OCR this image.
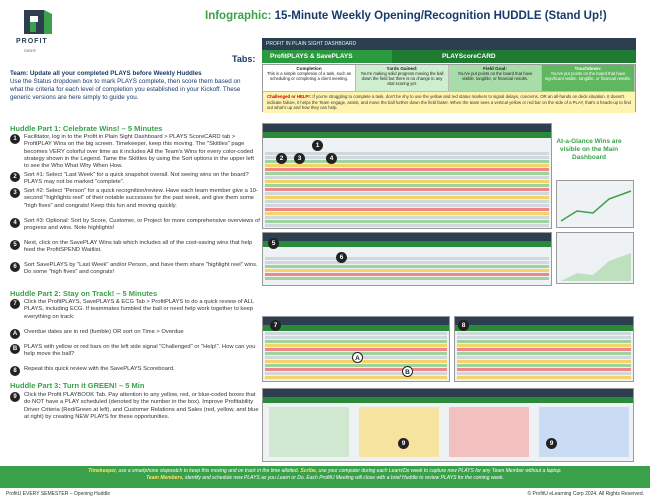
PROFIT
SIGHT
Infographic: 15-Minute Weekly Opening/Recognition HUDDLE (Stand Up!)
Tabs:
PROFIT IN PLAIN SIGHT DASHBOARD
ProfitPLAYS & SavePLAYS	PLAYScoreCARD
Completion
This is a simple completion of a task, such as scheduling or completing a client meeting.
Yards Gained:
You're making solid progress moving the ball down the field but there is no change in any vital scoring yet.
Field Goal:
You've put points on the board that have visible, tangible, or financial results.
Touchdown:
You've put points on the board that have significant visible, tangible, or financial results.
Challenged or HELP!: If you're struggling to complete a task, don't be shy to use the yellow and red status markers to signal delays, concerns, OR an all-hands on deck situation. It doesn't indicate failure, it helps the Team engage, assist, and move the ball further down the field faster. When the team sees a vertical yellow or red bar on the side of a PLAY, that's a heads-up to find out what's up and how they can help.
Team: Update all your completed PLAYS before Weekly Huddles
Use the Status dropdown box to mark PLAYS complete, then score them based on what the criteria for each level of completion you established in your Kickoff. These generic versions are here simply to guide you.
Huddle Part 1: Celebrate Wins! – 5 Minutes
1	Facilitator, log in to the Profit in Plain Sight Dashboard > PLAYS ScoreCARD tab > ProfitPLAY Wins on the big screen. Timekeeper, keep this moving. The "Skittles" page becomes VERY colorful over time as it includes All the Team's Wins for every color-coded strategy shown in the Legend. Tame the Skittles by using the Sort options in the upper left to see the Who What Why When How.
2	Sort #1: Select "Last Week" for a quick snapshot overall. Not seeing wins on the board? PLAYS may not be marked "complete".
3	Sort #2: Select "Person" for a quick recognition/review. Have each team member give a 10-second "highlights reel" of their notable successes for the past week, and give them some "high fives" and congrats! Keep this fun and moving quickly.
4	Sort #3: Optional: Sort by Score, Customer, or Project for more comprehensive overviews of progress and wins. Note highlights!
5	Next, click on the SavePLAY Wins tab which includes all of the cost-saving wins that help feed the ProfitSPEND Waitlist.
6	Sort SavePLAYS by "Last Week" and/or Person, and have them share "highlight reel" wins. Do some "high fives" and congrats!
Huddle Part 2: Stay on Track! – 5 Minutes
7	Click the ProfitPLAYS, SavePLAYS & ECG Tab > ProfitPLAYS to do a quick review of ALL PLAYS, including ECG. If teammates fumbled the ball or need help work together to keep everything on track:
A	Overdue dates are in red (fumble) OR sort on Time > Overdue
B	PLAYS with yellow or red bars on the left side signal "Challenged" or "Help!". How can you help move the ball?
8	Repeat this quick review with the SavePLAYS Scoreboard.
Huddle Part 3: Turn it GREEN! – 5 Min
9	Click the Profit PLAYBOOK Tab. Pay attention to any yellow, red, or blue-coded boxes that do NOT have a PLAY scheduled (denoted by the number in the box). Improve Profitability Driver Criteria (Red/Green at left), and Customer Relations and Sales (red, yellow, and blue at right) by creating NEW PLAYS for these opportunities.
1
2	3	4
At-a-Glance Wins are visible on the Main Dashboard
5
6
7
A
B
8
9	9
Timekeeper, use a smartphone stopwatch to keep this moving and on track in the time allotted. Scribe, use your computer during each Learn/Do week to capture new PLAYS for any Team Member without a laptop.
Team Members, identify and schedule new PLAYS as you Learn or Do. Each ProfitU Meeting will close with a brief Huddle to review PLAYS for the coming week.
ProfitU EVERY SEMESTER – Opening Huddle	© ProfitU eLearning Corp 2024. All Rights Reserved.
